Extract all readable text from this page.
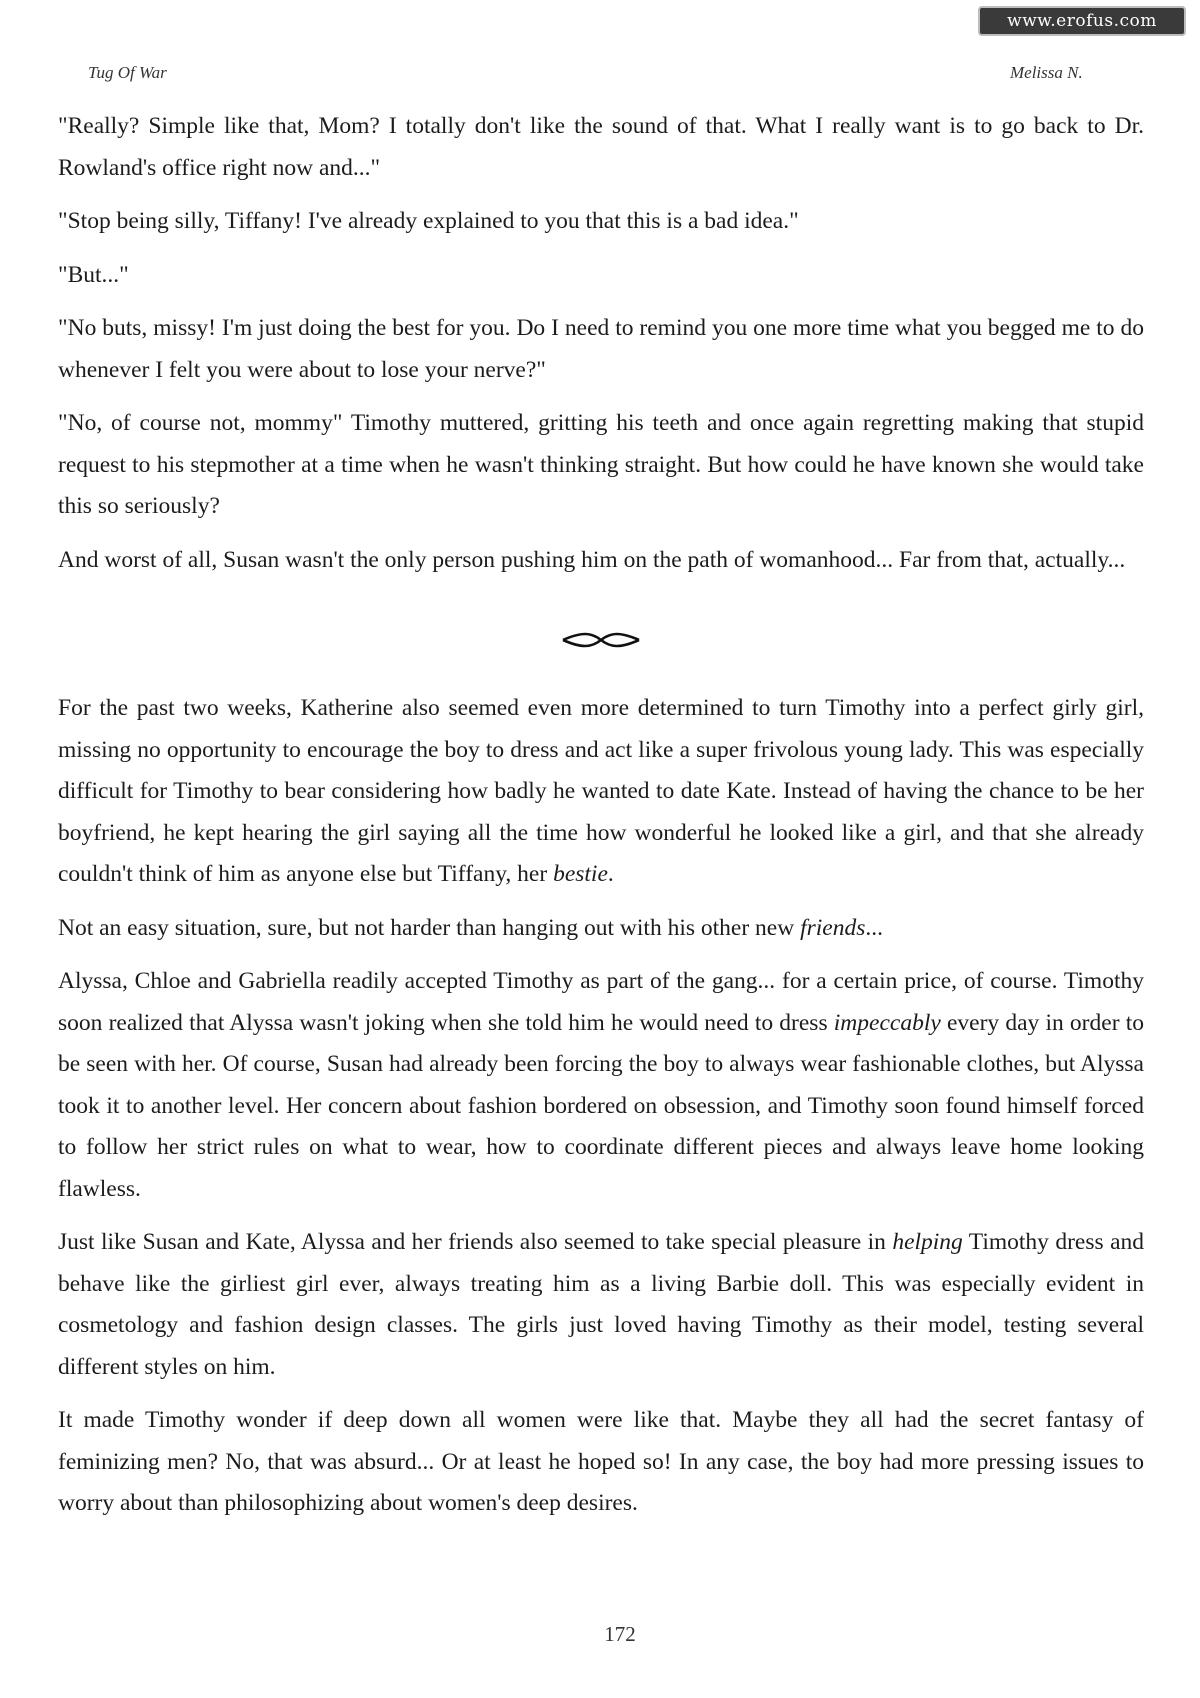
www.erofus.com
Tug Of War	Melissa N.

"Really? Simple like that, Mom? I totally don't like the sound of that. What I really want is to go back to Dr. Rowland's office right now and..."

"Stop being silly, Tiffany! I've already explained to you that this is a bad idea."

"But..."

"No buts, missy! I'm just doing the best for you. Do I need to remind you one more time what you begged me to do whenever I felt you were about to lose your nerve?"

"No, of course not, mommy" Timothy muttered, gritting his teeth and once again regretting making that stupid request to his stepmother at a time when he wasn't thinking straight. But how could he have known she would take this so seriously?

And worst of all, Susan wasn't the only person pushing him on the path of womanhood... Far from that, actually...

For the past two weeks, Katherine also seemed even more determined to turn Timothy into a perfect girly girl, missing no opportunity to encourage the boy to dress and act like a super frivolous young lady. This was especially difficult for Timothy to bear considering how badly he wanted to date Kate. Instead of having the chance to be her boyfriend, he kept hearing the girl saying all the time how wonderful he looked like a girl, and that she already couldn't think of him as anyone else but Tiffany, her bestie.

Not an easy situation, sure, but not harder than hanging out with his other new friends...

Alyssa, Chloe and Gabriella readily accepted Timothy as part of the gang... for a certain price, of course. Timothy soon realized that Alyssa wasn't joking when she told him he would need to dress impeccably every day in order to be seen with her. Of course, Susan had already been forcing the boy to always wear fashionable clothes, but Alyssa took it to another level. Her concern about fashion bordered on obsession, and Timothy soon found himself forced to follow her strict rules on what to wear, how to coordinate different pieces and always leave home looking flawless.

Just like Susan and Kate, Alyssa and her friends also seemed to take special pleasure in helping Timothy dress and behave like the girliest girl ever, always treating him as a living Barbie doll. This was especially evident in cosmetology and fashion design classes. The girls just loved having Timothy as their model, testing several different styles on him.

It made Timothy wonder if deep down all women were like that. Maybe they all had the secret fantasy of feminizing men? No, that was absurd... Or at least he hoped so! In any case, the boy had more pressing issues to worry about than philosophizing about women's deep desires.

172
